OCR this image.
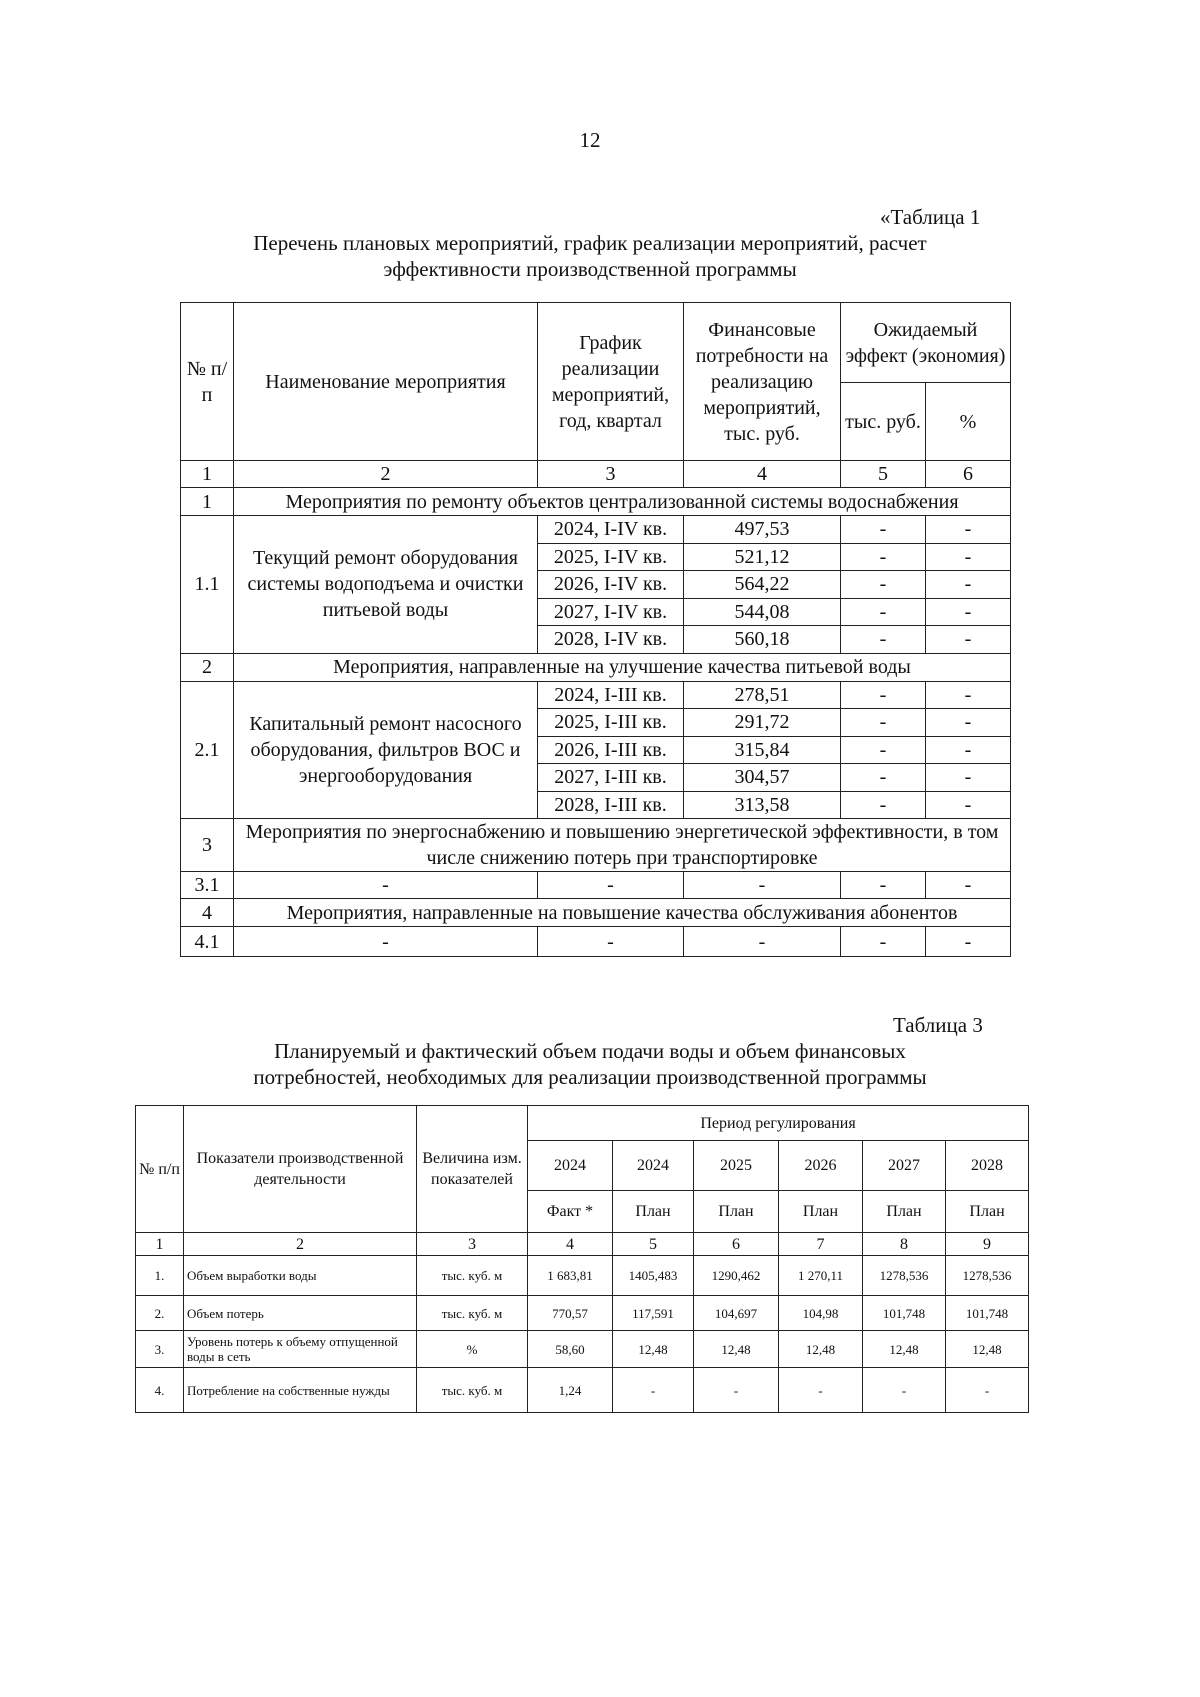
12
«Таблица 1
Перечень плановых мероприятий, график реализации мероприятий, расчет
эффективности производственной программы
№ п/ п	Наименование мероприятия	График реализации мероприятий, год, квартал	Финансовые потребности на реализацию мероприятий, тыс. руб.	Ожидаемый эффект (экономия)	
				тыс. руб.	%
1	2	3	4	5	6
1	Мероприятия по ремонту объектов централизованной системы водоснабжения				
1.1	Текущий ремонт оборудования системы водоподъема и очистки питьевой воды	2024, I-IV кв.	497,53	-	-
		2025, I-IV кв.	521,12	-	-
		2026, I-IV кв.	564,22	-	-
		2027, I-IV кв.	544,08	-	-
		2028, I-IV кв.	560,18	-	-
2	Мероприятия, направленные на улучшение качества питьевой воды				
2.1	Капитальный ремонт насосного оборудования, фильтров ВОС и энергооборудования	2024, I-III кв.	278,51	-	-
		2025, I-III кв.	291,72	-	-
		2026, I-III кв.	315,84	-	-
		2027, I-III кв.	304,57	-	-
		2028, I-III кв.	313,58	-	-
3	Мероприятия по энергоснабжению и повышению энергетической эффективности, в том числе снижению потерь при транспортировке				
3.1	-	-	-	-	-
4	Мероприятия, направленные на повышение качества обслуживания абонентов				
4.1	-	-	-	-	-
Таблица 3
Планируемый и фактический объем подачи воды и объем финансовых
потребностей, необходимых для реализации производственной программы
№ п/п	Показатели производственной деятельности	Величина изм. показателей	Период регулирования					
			2024	2024	2025	2026	2027	2028
			Факт *	План	План	План	План	План
1	2	3	4	5	6	7	8	9
1.	Объем выработки воды	тыс. куб. м	1 683,81	1405,483	1290,462	1 270,11	1278,536	1278,536
2.	Объем потерь	тыс. куб. м	770,57	117,591	104,697	104,98	101,748	101,748
3.	Уровень потерь к объему отпущенной воды в сеть	%	58,60	12,48	12,48	12,48	12,48	12,48
4.	Потребление на собственные нужды	тыс. куб. м	1,24	-	-	-	-	-
